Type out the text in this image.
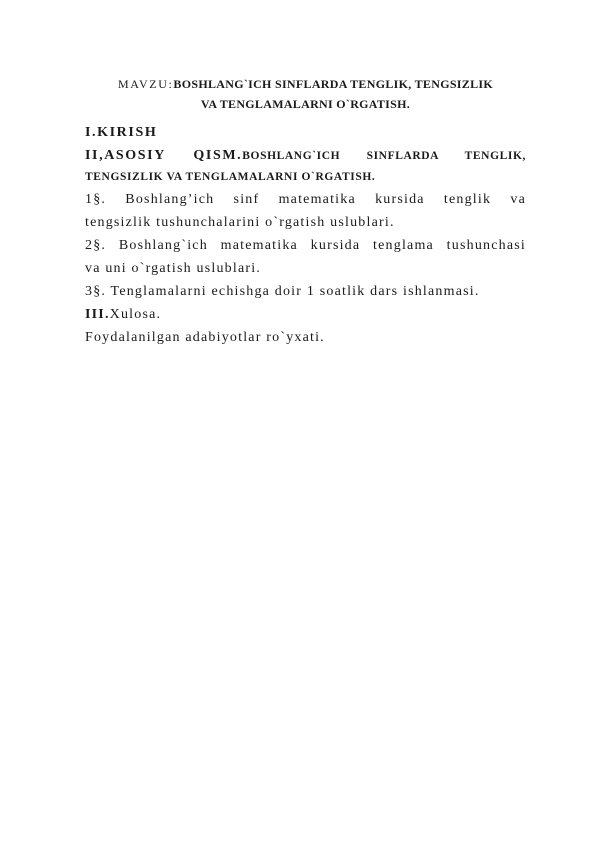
MAVZU:BOSHLANG`ICH SINFLARDA TENGLIK, TENGSIZLIK
VA TENGLAMALARNI O`RGATISH.
I.KIRISH
II,ASOSIY QISM.BOSHLANG`ICH SINFLARDA TENGLIK,
TENGSIZLIK VA TENGLAMALARNI O`RGATISH.
1§. Boshlang’ich sinf matematika kursida tenglik va
tengsizlik tushunchalarini o`rgatish uslublari.
2§. Boshlang`ich matematika kursida tenglama tushunchasi
va uni o`rgatish uslublari.
3§. Tenglamalarni echishga doir 1 soatlik dars ishlanmasi.
III.Xulosa.
Foydalanilgan adabiyotlar ro`yxati.
